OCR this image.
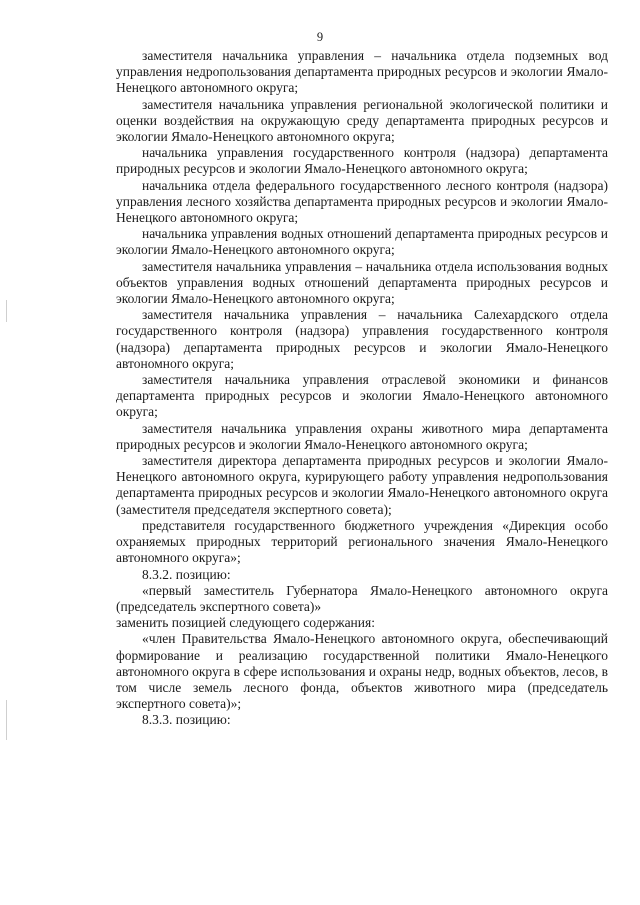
9

заместителя начальника управления – начальника отдела подземных вод управления недропользования департамента природных ресурсов и экологии Ямало-Ненецкого автономного округа;

заместителя начальника управления региональной экологической политики и оценки воздействия на окружающую среду департамента природных ресурсов и экологии Ямало-Ненецкого автономного округа;

начальника управления государственного контроля (надзора) департамента природных ресурсов и экологии Ямало-Ненецкого автономного округа;

начальника отдела федерального государственного лесного контроля (надзора) управления лесного хозяйства департамента природных ресурсов и экологии Ямало-Ненецкого автономного округа;

начальника управления водных отношений департамента природных ресурсов и экологии Ямало-Ненецкого автономного округа;

заместителя начальника управления – начальника отдела использования водных объектов управления водных отношений департамента природных ресурсов и экологии Ямало-Ненецкого автономного округа;

заместителя начальника управления – начальника Салехардского отдела государственного контроля (надзора) управления государственного контроля (надзора) департамента природных ресурсов и экологии Ямало-Ненецкого автономного округа;

заместителя начальника управления отраслевой экономики и финансов департамента природных ресурсов и экологии Ямало-Ненецкого автономного округа;

заместителя начальника управления охраны животного мира департамента природных ресурсов и экологии Ямало-Ненецкого автономного округа;

заместителя директора департамента природных ресурсов и экологии Ямало-Ненецкого автономного округа, курирующего работу управления недропользования департамента природных ресурсов и экологии Ямало-Ненецкого автономного округа (заместителя председателя экспертного совета);

представителя государственного бюджетного учреждения «Дирекция особо охраняемых природных территорий регионального значения Ямало-Ненецкого автономного округа»;

8.3.2. позицию:

«первый заместитель Губернатора Ямало-Ненецкого автономного округа (председатель экспертного совета)»

заменить позицией следующего содержания:

«член Правительства Ямало-Ненецкого автономного округа, обеспечивающий формирование и реализацию государственной политики Ямало-Ненецкого автономного округа в сфере использования и охраны недр, водных объектов, лесов, в том числе земель лесного фонда, объектов животного мира (председатель экспертного совета)»;

8.3.3. позицию:
